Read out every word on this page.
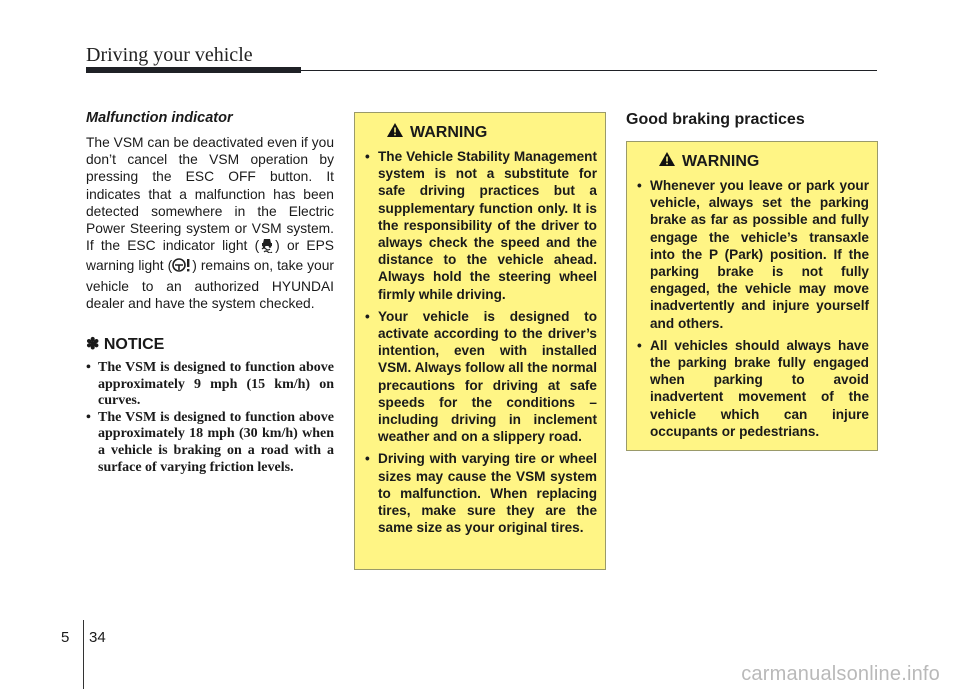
Driving your vehicle

Malfunction indicator

The VSM can be deactivated even if you don’t cancel the VSM operation by pressing the ESC OFF button. It indicates that a malfunction has been detected somewhere in the Electric Power Steering system or VSM system. If the ESC indicator light ( ) or EPS warning light ( ) remains on, take your vehicle to an authorized HYUNDAI dealer and have the system checked.

✽ NOTICE
• The VSM is designed to function above approximately 9 mph (15 km/h) on curves.
• The VSM is designed to function above approximately 18 mph (30 km/h) when a vehicle is braking on a road with a surface of varying friction levels.
WARNING
• The Vehicle Stability Management system is not a substitute for safe driving practices but a supplementary function only. It is the responsibility of the driver to always check the speed and the distance to the vehicle ahead. Always hold the steering wheel firmly while driving.
• Your vehicle is designed to activate according to the driver’s intention, even with installed VSM. Always follow all the normal precautions for driving at safe speeds for the conditions – including driving in inclement weather and on a slippery road.
• Driving with varying tire or wheel sizes may cause the VSM system to malfunction. When replacing tires, make sure they are the same size as your original tires.
Good braking practices
WARNING
• Whenever you leave or park your vehicle, always set the parking brake as far as possible and fully engage the vehicle’s transaxle into the P (Park) position. If the parking brake is not fully engaged, the vehicle may move inadvertently and injure yourself and others.
• All vehicles should always have the parking brake fully engaged when parking to avoid inadvertent movement of the vehicle which can injure occupants or pedestrians.
5 34
carmanualsonline.info
